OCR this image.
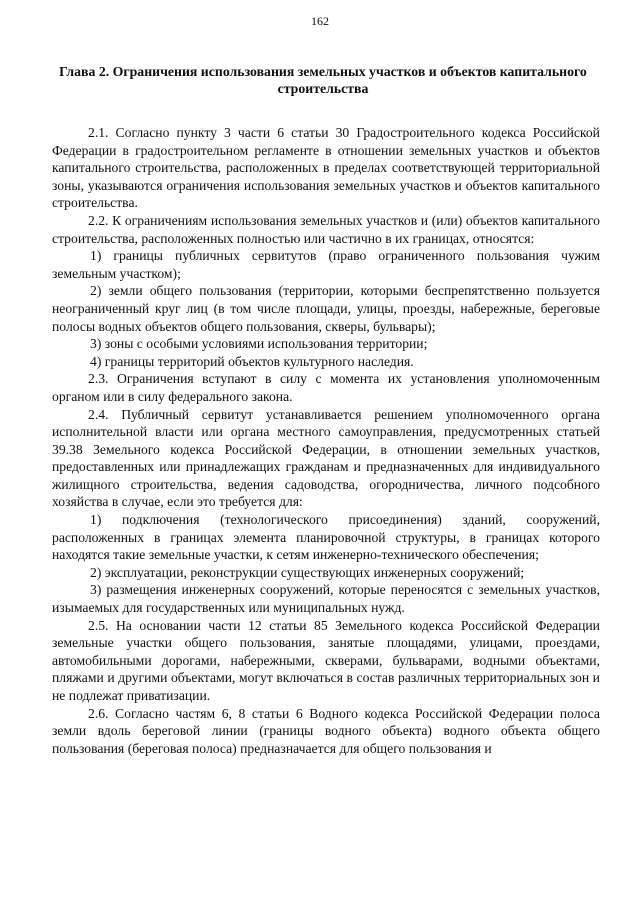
162
Глава 2. Ограничения использования земельных участков и объектов капитального строительства

2.1. Согласно пункту 3 части 6 статьи 30 Градостроительного кодекса Российской Федерации в градостроительном регламенте в отношении земельных участков и объектов капитального строительства, расположенных в пределах соответствующей территориальной зоны, указываются ограничения использования земельных участков и объектов капитального строительства.

2.2. К ограничениям использования земельных участков и (или) объектов капитального строительства, расположенных полностью или частично в их границах, относятся:

1) границы публичных сервитутов (право ограниченного пользования чужим земельным участком);

2) земли общего пользования (территории, которыми беспрепятственно пользуется неограниченный круг лиц (в том числе площади, улицы, проезды, набережные, береговые полосы водных объектов общего пользования, скверы, бульвары);

3) зоны с особыми условиями использования территории;

4) границы территорий объектов культурного наследия.

2.3. Ограничения вступают в силу с момента их установления уполномоченным органом или в силу федерального закона.

2.4. Публичный сервитут устанавливается решением уполномоченного органа исполнительной власти или органа местного самоуправления, предусмотренных статьей 39.38 Земельного кодекса Российской Федерации, в отношении земельных участков, предоставленных или принадлежащих гражданам и предназначенных для индивидуального жилищного строительства, ведения садоводства, огородничества, личного подсобного хозяйства в случае, если это требуется для:

1) подключения (технологического присоединения) зданий, сооружений, расположенных в границах элемента планировочной структуры, в границах которого находятся такие земельные участки, к сетям инженерно-технического обеспечения;

2) эксплуатации, реконструкции существующих инженерных сооружений;

3) размещения инженерных сооружений, которые переносятся с земельных участков, изымаемых для государственных или муниципальных нужд.

2.5. На основании части 12 статьи 85 Земельного кодекса Российской Федерации земельные участки общего пользования, занятые площадями, улицами, проездами, автомобильными дорогами, набережными, скверами, бульварами, водными объектами, пляжами и другими объектами, могут включаться в состав различных территориальных зон и не подлежат приватизации.

2.6. Согласно частям 6, 8 статьи 6 Водного кодекса Российской Федерации полоса земли вдоль береговой линии (границы водного объекта) водного объекта общего пользования (береговая полоса) предназначается для общего пользования и
